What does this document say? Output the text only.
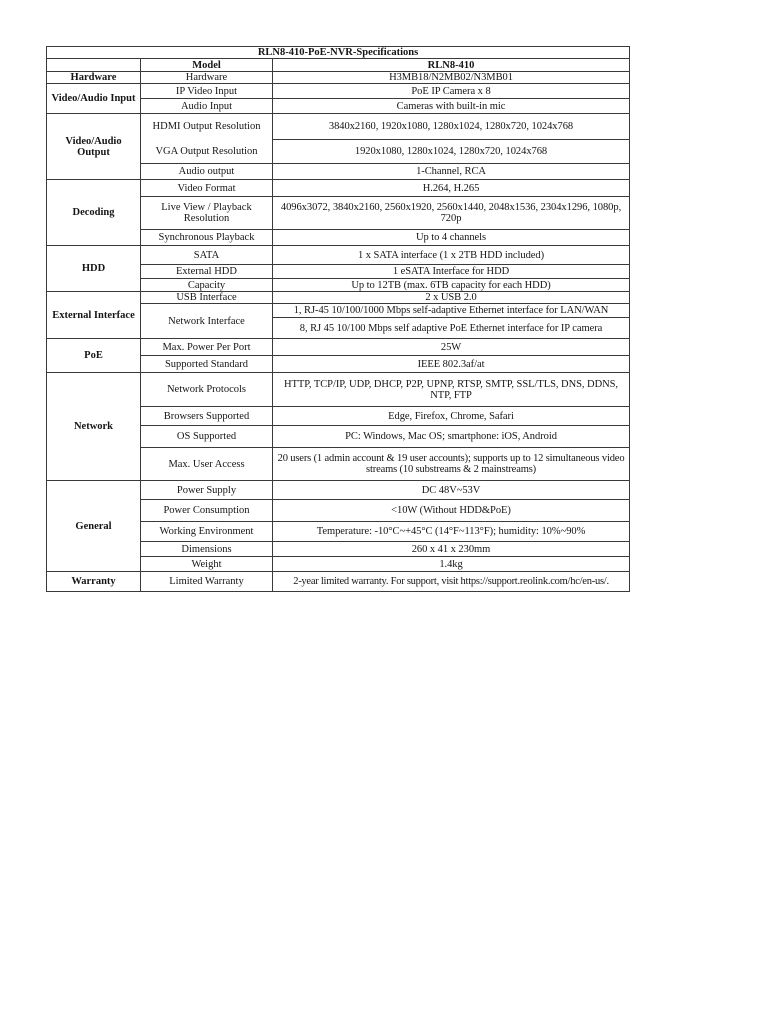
RLN8-410-PoE-NVR-Specifications		
	Model	RLN8-410
Hardware	Hardware	H3MB18/N2MB02/N3MB01
Video/Audio Input	IP Video Input	PoE IP Camera x 8
	Audio Input	Cameras with built-in mic
Video/Audio Output	HDMI Output Resolution	3840x2160, 1920x1080, 1280x1024, 1280x720, 1024x768
	VGA Output Resolution	1920x1080, 1280x1024, 1280x720, 1024x768
	Audio output	1-Channel, RCA
Decoding	Video Format	H.264, H.265
	Live View / Playback Resolution	4096x3072, 3840x2160, 2560x1920, 2560x1440, 2048x1536, 2304x1296, 1080p, 720p
	Synchronous Playback	Up to 4 channels
HDD	SATA	1 x SATA interface (1 x 2TB HDD included)
	External HDD	1 eSATA Interface for HDD
	Capacity	Up to 12TB (max. 6TB capacity for each HDD)
External Interface	USB Interface	2 x USB 2.0
	Network Interface	1, RJ-45 10/100/1000 Mbps self-adaptive Ethernet interface for LAN/WAN
		8, RJ 45 10/100 Mbps self adaptive PoE Ethernet interface for IP camera
PoE	Max. Power Per Port	25W
	Supported Standard	IEEE 802.3af/at
Network	Network Protocols	HTTP, TCP/IP, UDP, DHCP, P2P, UPNP, RTSP, SMTP, SSL/TLS, DNS, DDNS, NTP, FTP
	Browsers Supported	Edge, Firefox, Chrome, Safari
	OS Supported	PC: Windows, Mac OS; smartphone: iOS, Android
	Max. User Access	20 users (1 admin account & 19 user accounts); supports up to 12 simultaneous video streams (10 substreams & 2 mainstreams)
General	Power Supply	DC 48V~53V
	Power Consumption	<10W (Without HDD&PoE)
	Working Environment	Temperature: -10°C~+45°C (14°F~113°F); humidity: 10%~90%
	Dimensions	260 x 41 x 230mm
	Weight	1.4kg
Warranty	Limited Warranty	2-year limited warranty. For support, visit https://support.reolink.com/hc/en-us/.
